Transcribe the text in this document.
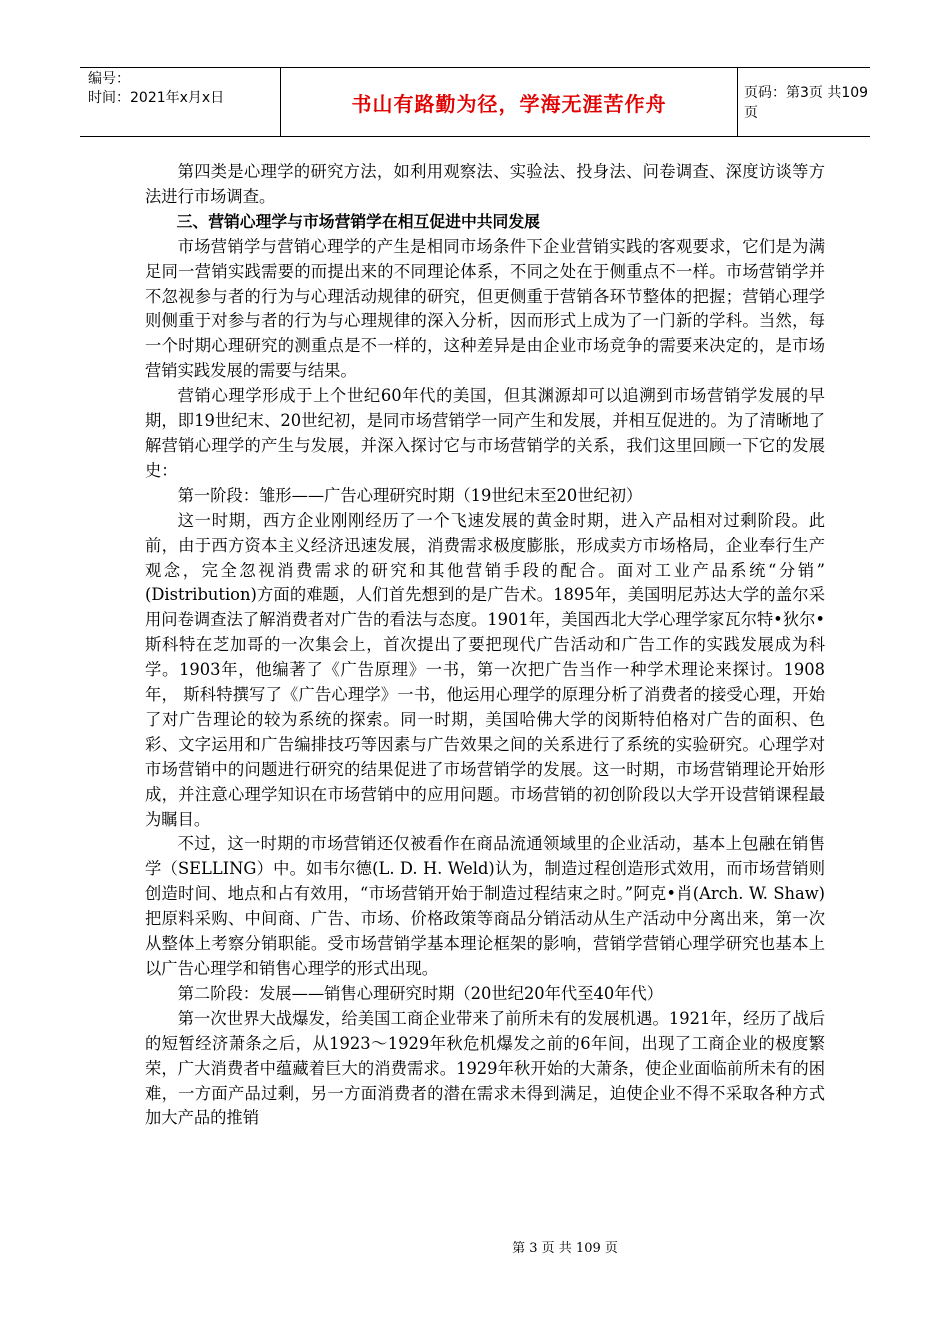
编号：
时间：2021年x月x日	书山有路勤为径，学海无涯苦作舟	页码：第3页 共109页

第四类是心理学的研究方法，如利用观察法、实验法、投身法、问卷调查、深度访谈等方法进行市场调查。

三、营销心理学与市场营销学在相互促进中共同发展

市场营销学与营销心理学的产生是相同市场条件下企业营销实践的客观要求，它们是为满足同一营销实践需要的而提出来的不同理论体系，不同之处在于侧重点不一样。市场营销学并不忽视参与者的行为与心理活动规律的研究，但更侧重于营销各环节整体的把握；营销心理学则侧重于对参与者的行为与心理规律的深入分析，因而形式上成为了一门新的学科。当然，每一个时期心理研究的测重点是不一样的，这种差异是由企业市场竞争的需要来决定的，是市场营销实践发展的需要与结果。

营销心理学形成于上个世纪60年代的美国，但其渊源却可以追溯到市场营销学发展的早期，即19世纪末、20世纪初，是同市场营销学一同产生和发展，并相互促进的。为了清晰地了解营销心理学的产生与发展，并深入探讨它与市场营销学的关系，我们这里回顾一下它的发展史：

第一阶段：雏形——广告心理研究时期（19世纪末至20世纪初）

这一时期，西方企业刚刚经历了一个飞速发展的黄金时期，进入产品相对过剩阶段。此前，由于西方资本主义经济迅速发展，消费需求极度膨胀，形成卖方市场格局，企业奉行生产观念，完全忽视消费需求的研究和其他营销手段的配合。面对工业产品系统“分销” (Distribution)方面的难题，人们首先想到的是广告术。1895年，美国明尼苏达大学的盖尔采用问卷调查法了解消费者对广告的看法与态度。1901年，美国西北大学心理学家瓦尔特•狄尔•斯科特在芝加哥的一次集会上，首次提出了要把现代广告活动和广告工作的实践发展成为科学。1903年，他编著了《广告原理》一书，第一次把广告当作一种学术理论来探讨。1908年， 斯科特撰写了《广告心理学》一书，他运用心理学的原理分析了消费者的接受心理，开始了对广告理论的较为系统的探索。同一时期，美国哈佛大学的闵斯特伯格对广告的面积、色彩、文字运用和广告编排技巧等因素与广告效果之间的关系进行了系统的实验研究。心理学对市场营销中的问题进行研究的结果促进了市场营销学的发展。这一时期，市场营销理论开始形成，并注意心理学知识在市场营销中的应用问题。市场营销的初创阶段以大学开设营销课程最为瞩目。

不过，这一时期的市场营销还仅被看作在商品流通领域里的企业活动，基本上包融在销售学（SELLING）中。如韦尔德(L. D. H. Weld)认为，制造过程创造形式效用，而市场营销则创造时间、地点和占有效用，“市场营销开始于制造过程结束之时。”阿克•肖(Arch. W. Shaw)把原料采购、中间商、广告、市场、价格政策等商品分销活动从生产活动中分离出来，第一次从整体上考察分销职能。受市场营销学基本理论框架的影响，营销学营销心理学研究也基本上以广告心理学和销售心理学的形式出现。

第二阶段：发展——销售心理研究时期（20世纪20年代至40年代）

第一次世界大战爆发，给美国工商企业带来了前所未有的发展机遇。1921年，经历了战后的短暂经济萧条之后，从1923～1929年秋危机爆发之前的6年间，出现了工商企业的极度繁荣，广大消费者中蕴藏着巨大的消费需求。1929年秋开始的大萧条，使企业面临前所未有的困难，一方面产品过剩，另一方面消费者的潜在需求未得到满足，迫使企业不得不采取各种方式加大产品的推销

第 3 页 共 109 页
